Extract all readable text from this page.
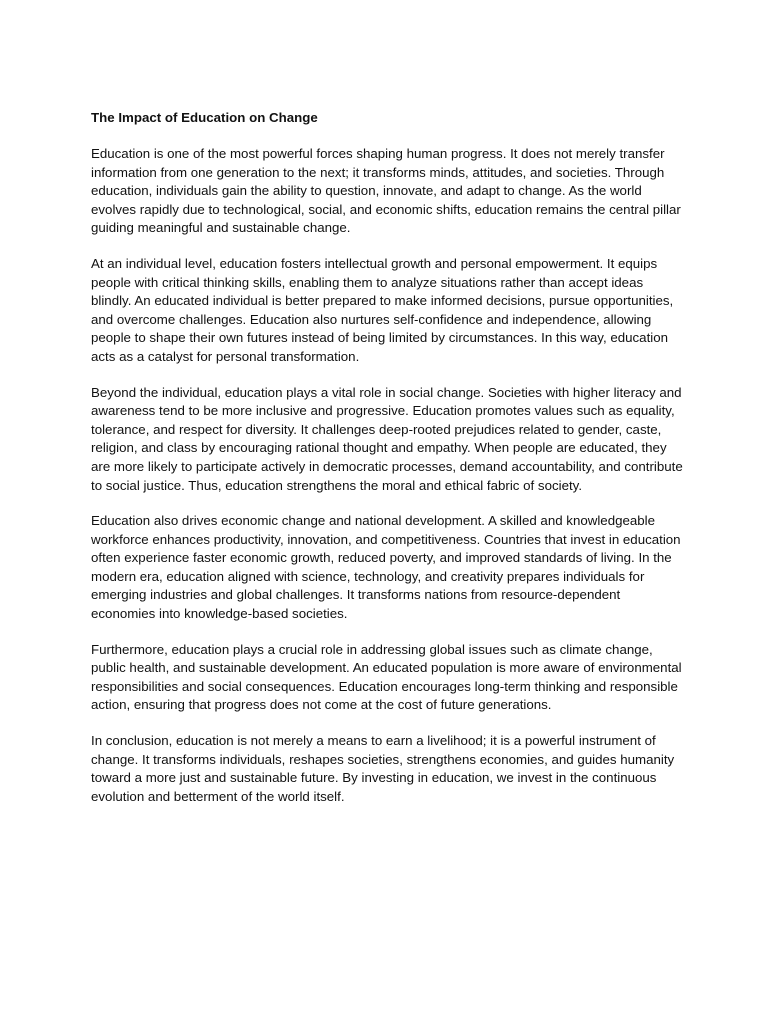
The Impact of Education on Change

Education is one of the most powerful forces shaping human progress. It does not merely transfer information from one generation to the next; it transforms minds, attitudes, and societies. Through education, individuals gain the ability to question, innovate, and adapt to change. As the world evolves rapidly due to technological, social, and economic shifts, education remains the central pillar guiding meaningful and sustainable change.

At an individual level, education fosters intellectual growth and personal empowerment. It equips people with critical thinking skills, enabling them to analyze situations rather than accept ideas blindly. An educated individual is better prepared to make informed decisions, pursue opportunities, and overcome challenges. Education also nurtures self-confidence and independence, allowing people to shape their own futures instead of being limited by circumstances. In this way, education acts as a catalyst for personal transformation.

Beyond the individual, education plays a vital role in social change. Societies with higher literacy and awareness tend to be more inclusive and progressive. Education promotes values such as equality, tolerance, and respect for diversity. It challenges deep-rooted prejudices related to gender, caste, religion, and class by encouraging rational thought and empathy. When people are educated, they are more likely to participate actively in democratic processes, demand accountability, and contribute to social justice. Thus, education strengthens the moral and ethical fabric of society.

Education also drives economic change and national development. A skilled and knowledgeable workforce enhances productivity, innovation, and competitiveness. Countries that invest in education often experience faster economic growth, reduced poverty, and improved standards of living. In the modern era, education aligned with science, technology, and creativity prepares individuals for emerging industries and global challenges. It transforms nations from resource-dependent economies into knowledge-based societies.

Furthermore, education plays a crucial role in addressing global issues such as climate change, public health, and sustainable development. An educated population is more aware of environmental responsibilities and social consequences. Education encourages long-term thinking and responsible action, ensuring that progress does not come at the cost of future generations.

In conclusion, education is not merely a means to earn a livelihood; it is a powerful instrument of change. It transforms individuals, reshapes societies, strengthens economies, and guides humanity toward a more just and sustainable future. By investing in education, we invest in the continuous evolution and betterment of the world itself.
